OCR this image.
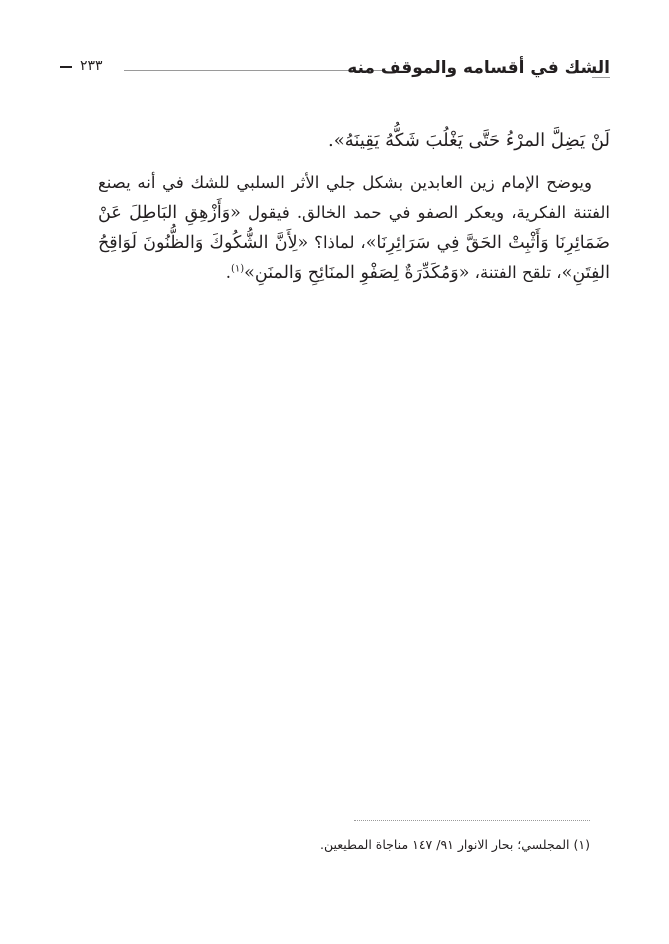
٢٣٣	الشك في أقسامه والموقف منه

لَنْ يَضِلَّ المرْءُ حَتَّى يَغْلُبَ شَكُّهُ يَقِينَهُ».

ويوضح الإمام زين العابدين بشكل جلي الأثر السلبي للشك في أنه يصنع الفتنة الفكرية، ويعكر الصفو في حمد الخالق. فيقول «وَأَزْهِقِ البَاطِلَ عَنْ ضَمَائِرِنَا وَأَثْبِتْ الحَقَّ فِي سَرَائِرِنَا»، لماذا؟ «لِأَنَّ الشُّكُوكَ وَالظُّنُونَ لَوَاقِحُ الفِتَنِ»، تلقح الفتنة، «وَمُكَدِّرَةٌ لِصَفْوِ المنَائِحِ وَالمنَنِ»$^{(١)}$.

(١) المجلسي؛ بحار الانوار ٩١/ ١٤٧ مناجاة المطيعين.
